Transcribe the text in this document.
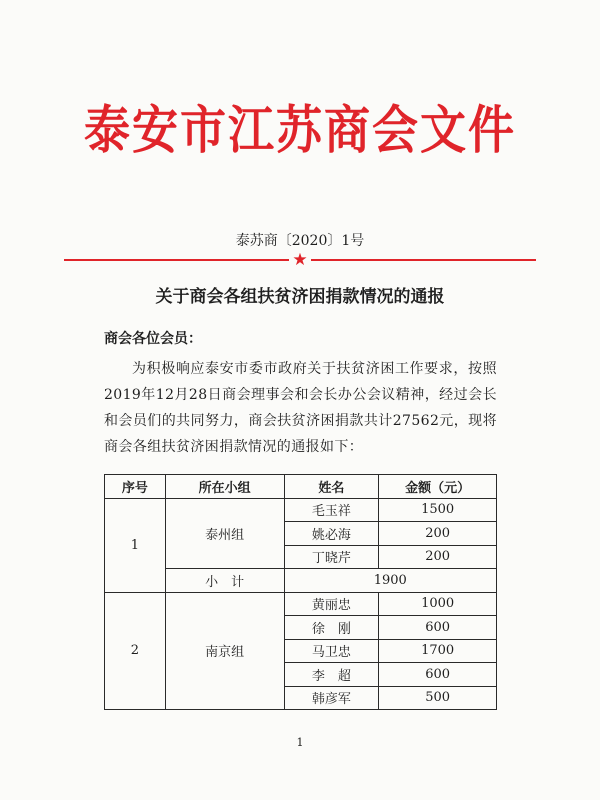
泰安市江苏商会文件
泰苏商〔2020〕1号
★
关于商会各组扶贫济困捐款情况的通报
商会各位会员：

为积极响应泰安市委市政府关于扶贫济困工作要求，按照2019年12月28日商会理事会和会长办公会议精神，经过会长和会员们的共同努力，商会扶贫济困捐款共计27562元，现将商会各组扶贫济困捐款情况的通报如下：

序号	所在小组	姓名	金额（元）
1	泰州组	毛玉祥	1500
		姚必海	200
		丁晓芹	200
	小　计	1900	
2	南京组	黄丽忠	1000
		徐　刚	600
		马卫忠	1700
		李　超	600
		韩彦军	500
1
